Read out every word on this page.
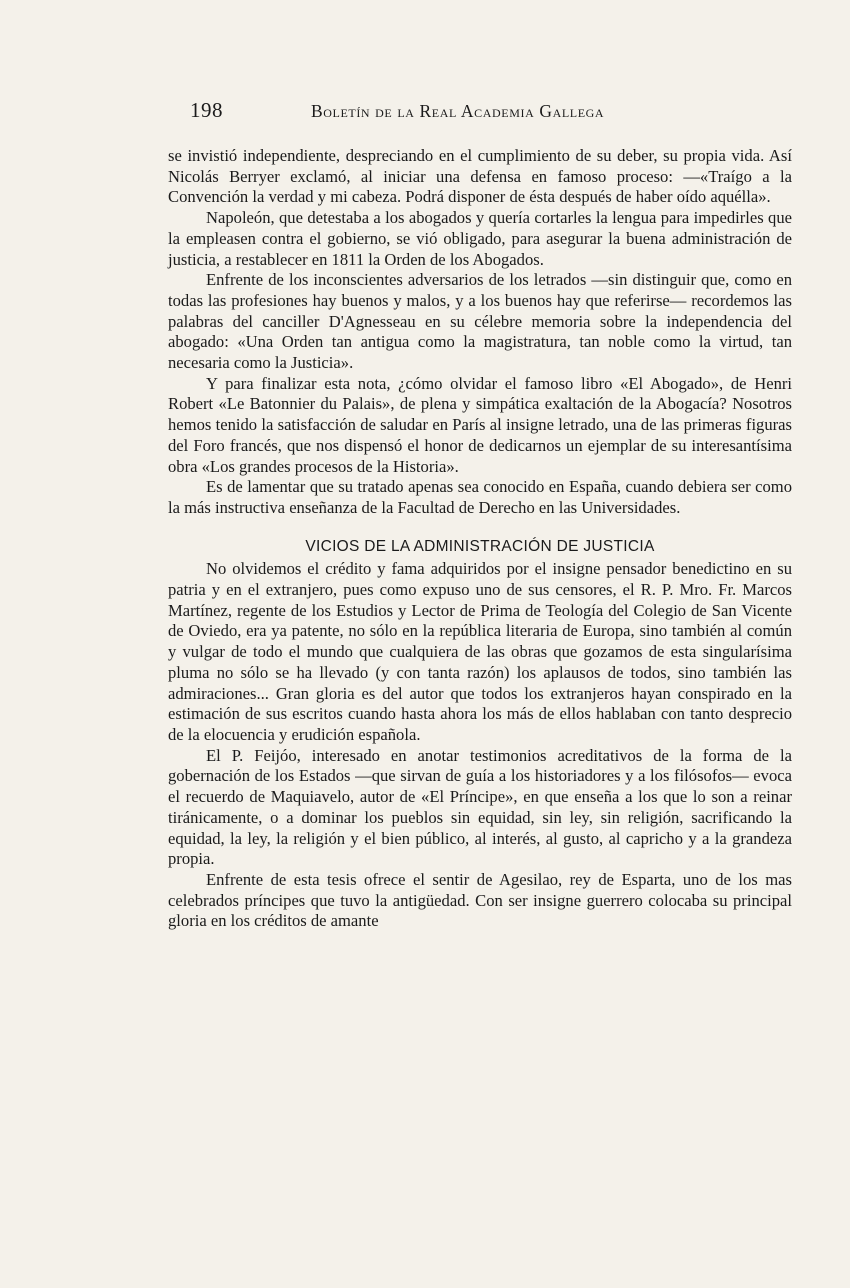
198	Boletín de la Real Academia Gallega

se invistió independiente, despreciando en el cumplimiento de su deber, su propia vida. Así Nicolás Berryer exclamó, al iniciar una defensa en famoso proceso: —«Traígo a la Convención la verdad y mi cabeza. Podrá disponer de ésta después de haber oído aquélla».

Napoleón, que detestaba a los abogados y quería cortarles la lengua para impedirles que la empleasen contra el gobierno, se vió obligado, para asegurar la buena administración de justicia, a restablecer en 1811 la Orden de los Abogados.

Enfrente de los inconscientes adversarios de los letrados —sin distinguir que, como en todas las profesiones hay buenos y malos, y a los buenos hay que referirse— recordemos las palabras del canciller D'Agnesseau en su célebre memoria sobre la independencia del abogado: «Una Orden tan antigua como la magistratura, tan noble como la virtud, tan necesaria como la Justicia».

Y para finalizar esta nota, ¿cómo olvidar el famoso libro «El Abogado», de Henri Robert «Le Batonnier du Palais», de plena y simpática exaltación de la Abogacía? Nosotros hemos tenido la satisfacción de saludar en París al insigne letrado, una de las primeras figuras del Foro francés, que nos dispensó el honor de dedicarnos un ejemplar de su interesantísima obra «Los grandes procesos de la Historia».

Es de lamentar que su tratado apenas sea conocido en España, cuando debiera ser como la más instructiva enseñanza de la Facultad de Derecho en las Universidades.

VICIOS DE LA ADMINISTRACIÓN DE JUSTICIA

No olvidemos el crédito y fama adquiridos por el insigne pensador benedictino en su patria y en el extranjero, pues como expuso uno de sus censores, el R. P. Mro. Fr. Marcos Martínez, regente de los Estudios y Lector de Prima de Teología del Colegio de San Vicente de Oviedo, era ya patente, no sólo en la república literaria de Europa, sino también al común y vulgar de todo el mundo que cualquiera de las obras que gozamos de esta singularísima pluma no sólo se ha llevado (y con tanta razón) los aplausos de todos, sino también las admiraciones... Gran gloria es del autor que todos los extranjeros hayan conspirado en la estimación de sus escritos cuando hasta ahora los más de ellos hablaban con tanto desprecio de la elocuencia y erudición española.

El P. Feijóo, interesado en anotar testimonios acreditativos de la forma de la gobernación de los Estados —que sirvan de guía a los historiadores y a los filósofos— evoca el recuerdo de Maquiavelo, autor de «El Príncipe», en que enseña a los que lo son a reinar tiránicamente, o a dominar los pueblos sin equidad, sin ley, sin religión, sacrificando la equidad, la ley, la religión y el bien público, al interés, al gusto, al capricho y a la grandeza propia.

Enfrente de esta tesis ofrece el sentir de Agesilao, rey de Esparta, uno de los mas celebrados príncipes que tuvo la antigüedad. Con ser insigne guerrero colocaba su principal gloria en los créditos de amante
